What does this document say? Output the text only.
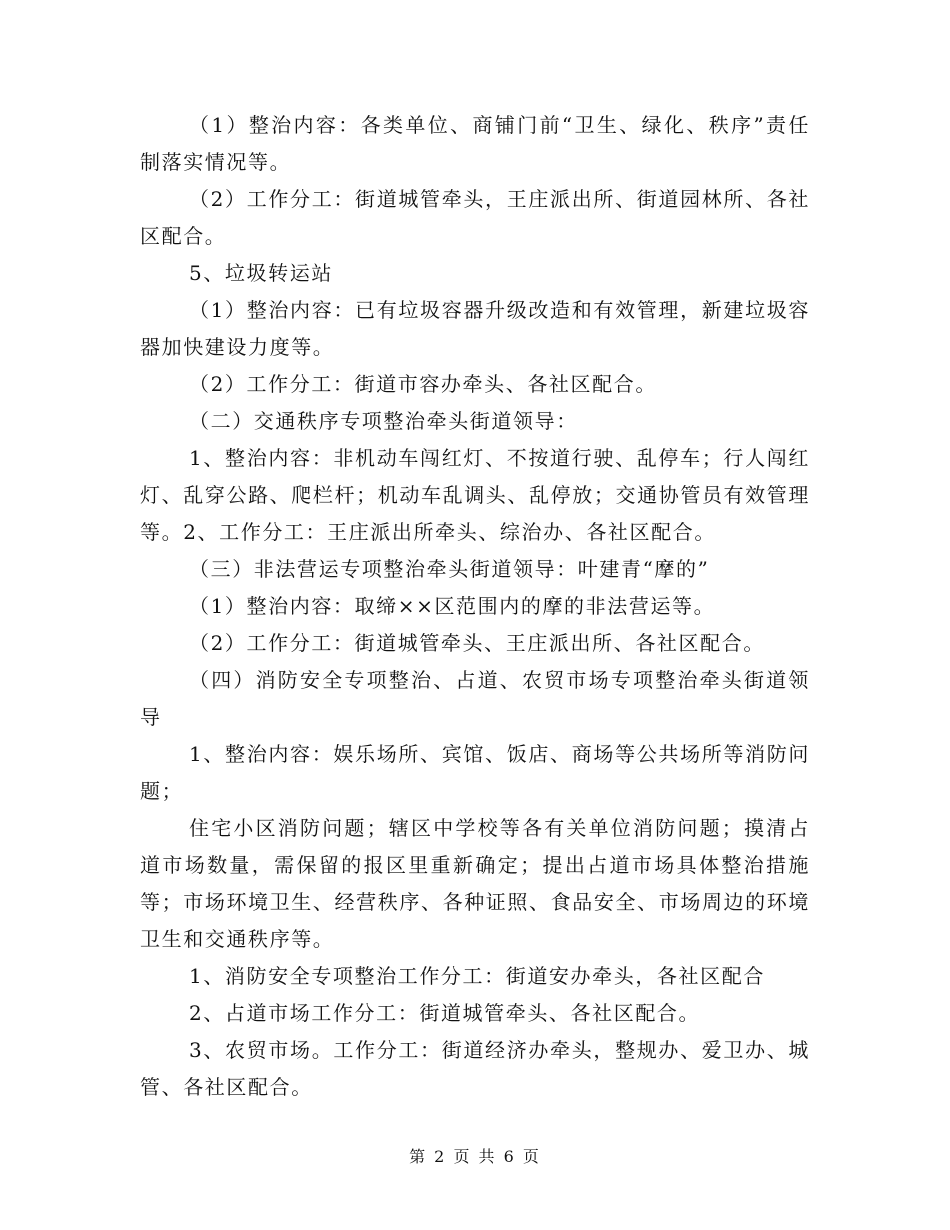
（1）整治内容：各类单位、商铺门前“卫生、绿化、秩序”责任制落实情况等。

（2）工作分工：街道城管牵头，王庄派出所、街道园林所、各社区配合。

5、垃圾转运站

（1）整治内容：已有垃圾容器升级改造和有效管理，新建垃圾容器加快建设力度等。

（2）工作分工：街道市容办牵头、各社区配合。

（二）交通秩序专项整治牵头街道领导：

1、整治内容：非机动车闯红灯、不按道行驶、乱停车；行人闯红灯、乱穿公路、爬栏杆；机动车乱调头、乱停放；交通协管员有效管理等。2、工作分工：王庄派出所牵头、综治办、各社区配合。

（三）非法营运专项整治牵头街道领导：叶建青“摩的”

（1）整治内容：取缔××区范围内的摩的非法营运等。

（2）工作分工：街道城管牵头、王庄派出所、各社区配合。

（四）消防安全专项整治、占道、农贸市场专项整治牵头街道领导

1、整治内容：娱乐场所、宾馆、饭店、商场等公共场所等消防问题；

住宅小区消防问题；辖区中学校等各有关单位消防问题；摸清占道市场数量，需保留的报区里重新确定；提出占道市场具体整治措施等；市场环境卫生、经营秩序、各种证照、食品安全、市场周边的环境卫生和交通秩序等。

1、消防安全专项整治工作分工：街道安办牵头，各社区配合

2、占道市场工作分工：街道城管牵头、各社区配合。

3、农贸市场。工作分工：街道经济办牵头，整规办、爱卫办、城管、各社区配合。

第 2 页 共 6 页
